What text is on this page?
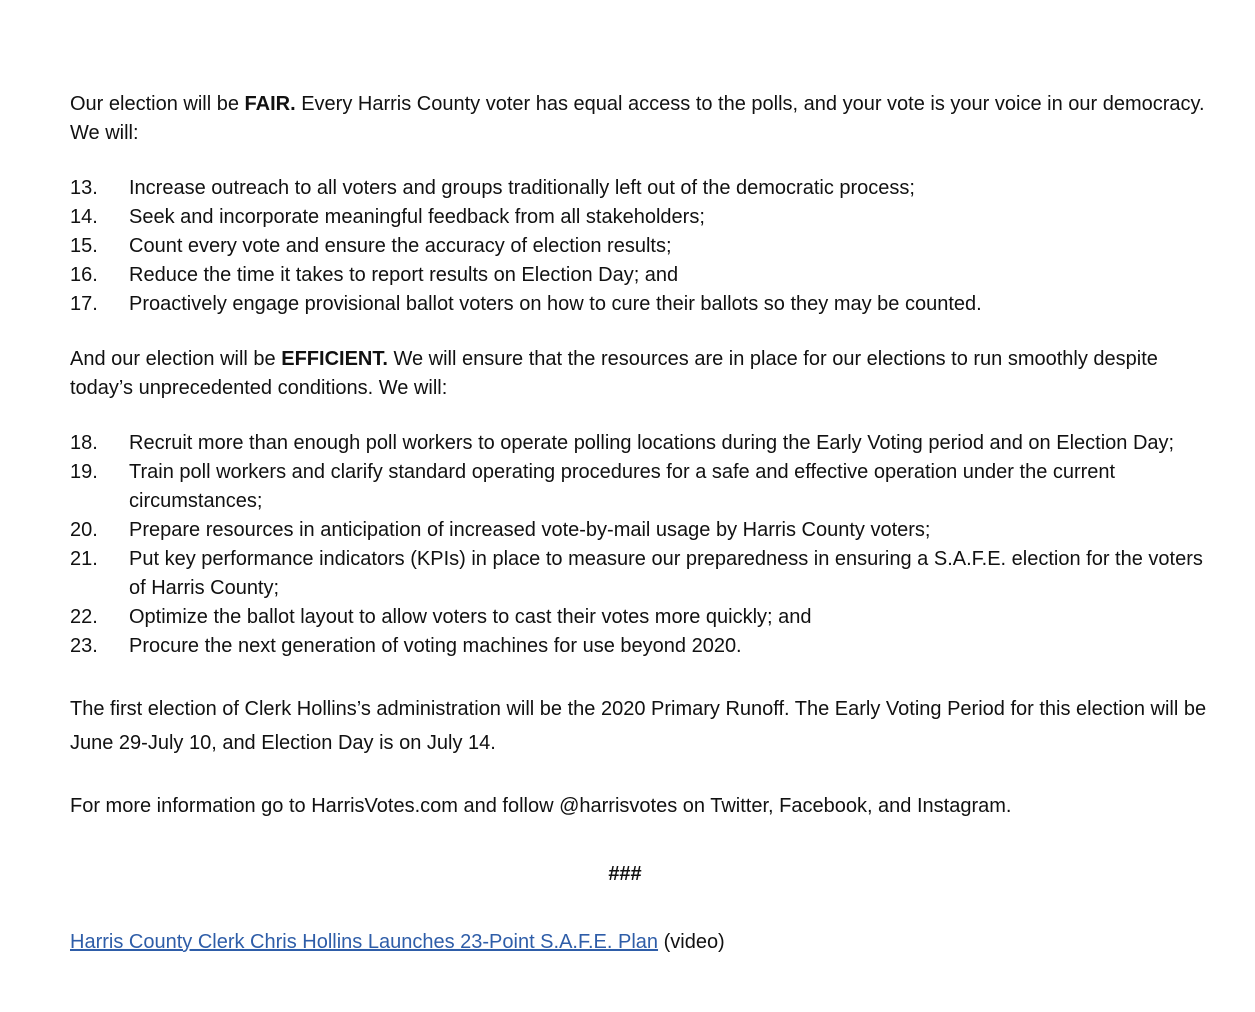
Our election will be FAIR. Every Harris County voter has equal access to the polls, and your vote is your voice in our democracy. We will:

13.	Increase outreach to all voters and groups traditionally left out of the democratic process;
14.	Seek and incorporate meaningful feedback from all stakeholders;
15.	Count every vote and ensure the accuracy of election results;
16.	Reduce the time it takes to report results on Election Day; and
17.	Proactively engage provisional ballot voters on how to cure their ballots so they may be counted.

And our election will be EFFICIENT. We will ensure that the resources are in place for our elections to run smoothly despite today’s unprecedented conditions. We will:

18.	Recruit more than enough poll workers to operate polling locations during the Early Voting period and on Election Day;
19.	Train poll workers and clarify standard operating procedures for a safe and effective operation under the current circumstances;
20.	Prepare resources in anticipation of increased vote-by-mail usage by Harris County voters;
21.	Put key performance indicators (KPIs) in place to measure our preparedness in ensuring a S.A.F.E. election for the voters of Harris County;
22.	Optimize the ballot layout to allow voters to cast their votes more quickly; and
23.	Procure the next generation of voting machines for use beyond 2020.

The first election of Clerk Hollins’s administration will be the 2020 Primary Runoff. The Early Voting Period for this election will be June 29-July 10, and Election Day is on July 14.

For more information go to HarrisVotes.com and follow @harrisvotes on Twitter, Facebook, and Instagram.

###
Harris County Clerk Chris Hollins Launches 23-Point S.A.F.E. Plan (video)
